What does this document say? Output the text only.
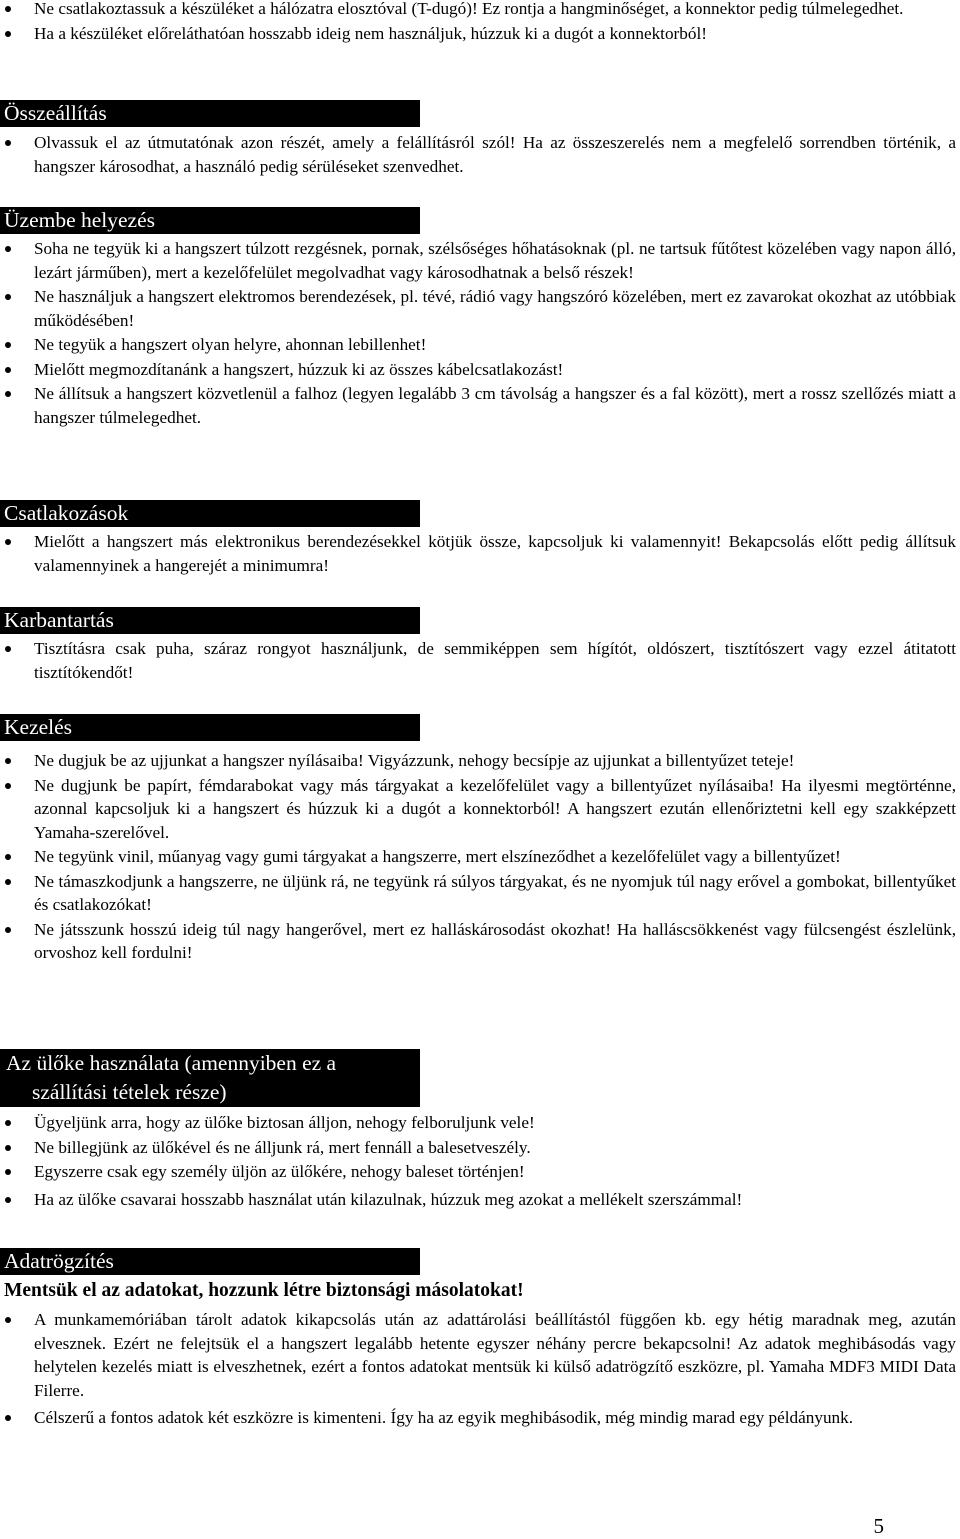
Ne csatlakoztassuk a készüléket a hálózatra elosztóval (T-dugó)! Ez rontja a hangminőséget, a konnektor pedig túlmelegedhet.
Ha a készüléket előreláthatóan hosszabb ideig nem használjuk, húzzuk ki a dugót a konnektorból!
Összeállítás
Olvassuk el az útmutatónak azon részét, amely a felállításról szól! Ha az összeszerelés nem a megfelelő sorrendben történik, a hangszer károsodhat, a használó pedig sérüléseket szenvedhet.
Üzembe helyezés
Soha ne tegyük ki a hangszert túlzott rezgésnek, pornak, szélsőséges hőhatásoknak (pl. ne tartsuk fűtőtest közelében vagy napon álló, lezárt járműben), mert a kezelőfelület megolvadhat vagy károsodhatnak a belső részek!
Ne használjuk a hangszert elektromos berendezések, pl. tévé, rádió vagy hangszóró közelében, mert ez zavarokat okozhat az utóbbiak működésében!
Ne tegyük a hangszert olyan helyre, ahonnan lebillenhet!
Mielőtt megmozdítanánk a hangszert, húzzuk ki az összes kábelcsatlakozást!
Ne állítsuk a hangszert közvetlenül a falhoz (legyen legalább 3 cm távolság a hangszer és a fal között), mert a rossz szellőzés miatt a hangszer túlmelegedhet.
Csatlakozások
Mielőtt a hangszert más elektronikus berendezésekkel kötjük össze, kapcsoljuk ki valamennyit! Bekapcsolás előtt pedig állítsuk valamennyinek a hangerejét a minimumra!
Karbantartás
Tisztításra csak puha, száraz rongyot használjunk, de semmiképpen sem hígítót, oldószert, tisztítószert vagy ezzel átitatott tisztítókendőt!
Kezelés
Ne dugjuk be az ujjunkat a hangszer nyílásaiba! Vigyázzunk, nehogy becsípje az ujjunkat a billentyűzet teteje!
Ne dugjunk be papírt, fémdarabokat vagy más tárgyakat a kezelőfelület vagy a billentyűzet nyílásaiba! Ha ilyesmi megtörténne, azonnal kapcsoljuk ki a hangszert és húzzuk ki a dugót a konnektorból! A hangszert ezután ellenőriztetni kell egy szakképzett Yamaha-szerelővel.
Ne tegyünk vinil, műanyag vagy gumi tárgyakat a hangszerre, mert elszíneződhet a kezelőfelület vagy a billentyűzet!
Ne támaszkodjunk a hangszerre, ne üljünk rá, ne tegyünk rá súlyos tárgyakat, és ne nyomjuk túl nagy erővel a gombokat, billentyűket és csatlakozókat!
Ne játsszunk hosszú ideig túl nagy hangerővel, mert ez halláskárosodást okozhat! Ha halláscsökkenést vagy fülcsengést észlelünk, orvoshoz kell fordulni!
Az ülőke használata (amennyiben ez a
szállítási tételek része)
Ügyeljünk arra, hogy az ülőke biztosan álljon, nehogy felboruljunk vele!
Ne billegjünk az ülőkével és ne álljunk rá, mert fennáll a balesetveszély.
Egyszerre csak egy személy üljön az ülőkére, nehogy baleset történjen!
Ha az ülőke csavarai hosszabb használat után kilazulnak, húzzuk meg azokat a mellékelt szerszámmal!
Adatrögzítés
Mentsük el az adatokat, hozzunk létre biztonsági másolatokat!
A munkamemóriában tárolt adatok kikapcsolás után az adattárolási beállítástól függően kb. egy hétig maradnak meg, azután elvesznek. Ezért ne felejtsük el a hangszert legalább hetente egyszer néhány percre bekapcsolni! Az adatok meghibásodás vagy helytelen kezelés miatt is elveszhetnek, ezért a fontos adatokat mentsük ki külső adatrögzítő eszközre, pl. Yamaha MDF3 MIDI Data Filerre.
Célszerű a fontos adatok két eszközre is kimenteni. Így ha az egyik meghibásodik, még mindig marad egy példányunk.
5
